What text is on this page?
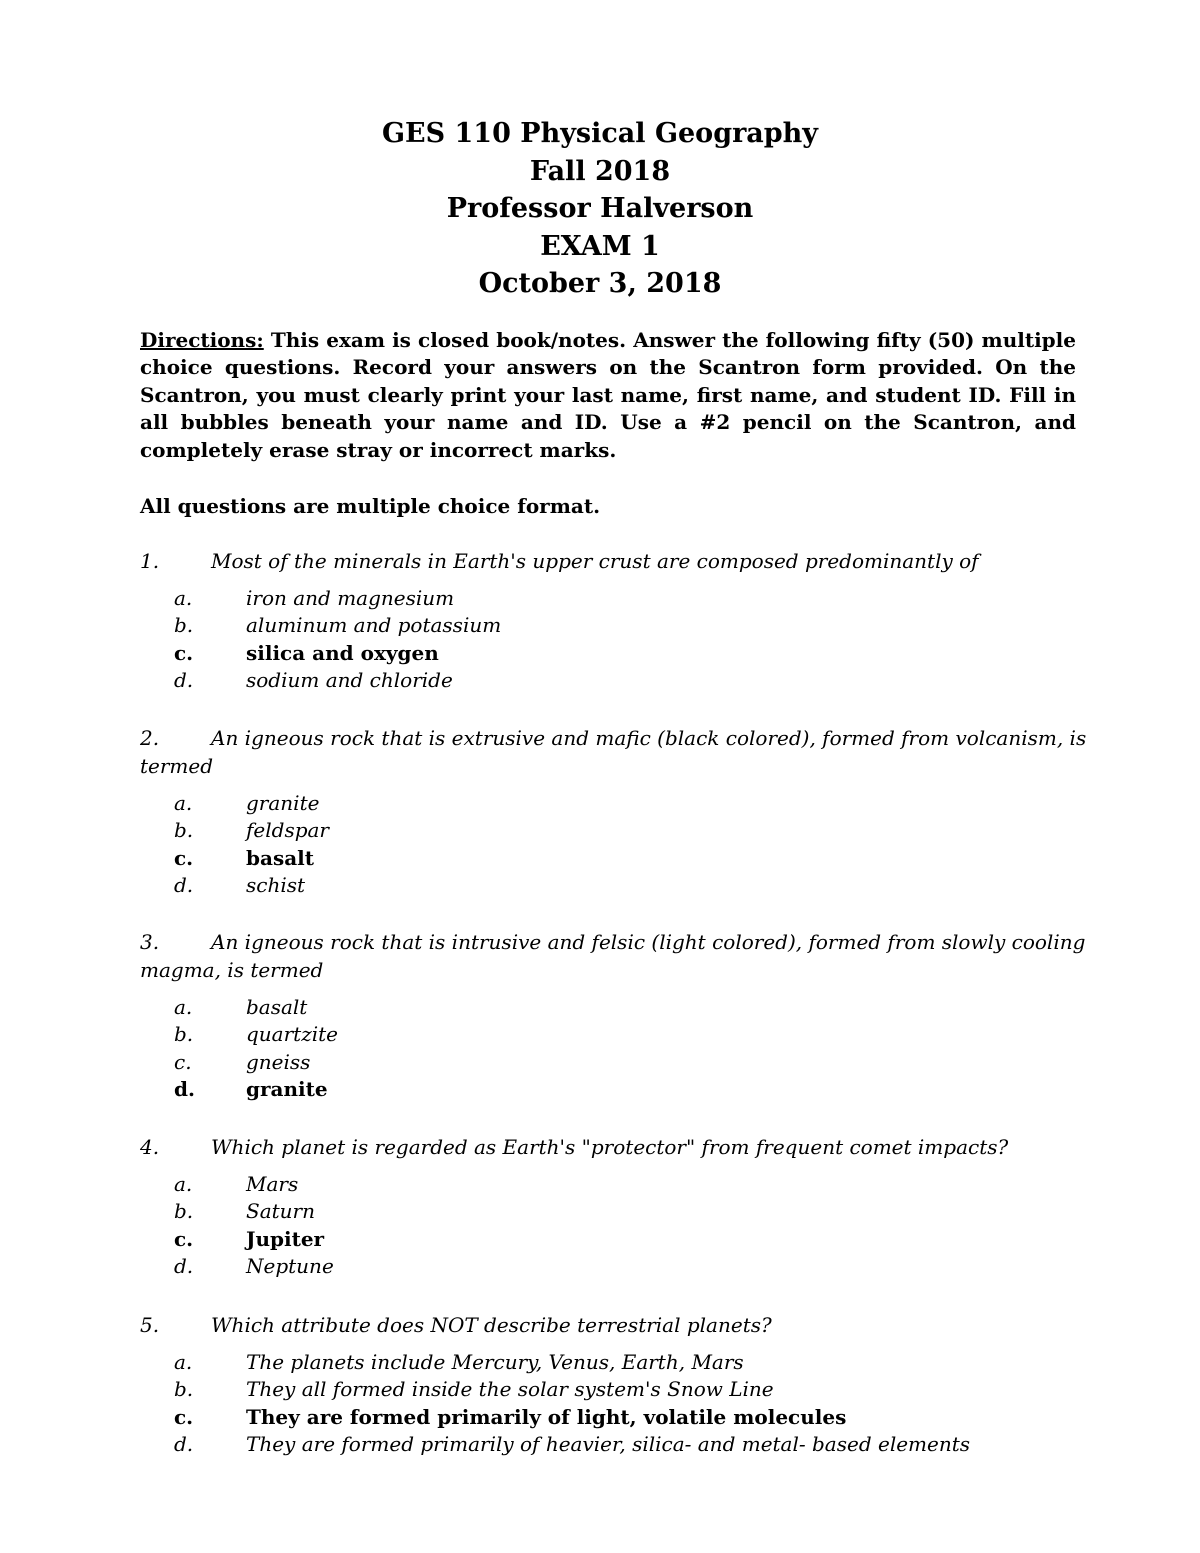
GES 110 Physical Geography
Fall 2018
Professor Halverson
EXAM 1
October 3, 2018
Directions: This exam is closed book/notes. Answer the following fifty (50) multiple choice questions. Record your answers on the Scantron form provided. On the Scantron, you must clearly print your last name, first name, and student ID. Fill in all bubbles beneath your name and ID. Use a #2 pencil on the Scantron, and completely erase stray or incorrect marks.
All questions are multiple choice format.
1.	Most of the minerals in Earth's upper crust are composed predominantly of
a.	iron and magnesium
b.	aluminum and potassium
c.	silica and oxygen
d.	sodium and chloride
2.	An igneous rock that is extrusive and mafic (black colored), formed from volcanism, is
termed
a.	granite
b.	feldspar
c.	basalt
d.	schist
3.	An igneous rock that is intrusive and felsic (light colored), formed from slowly cooling
magma, is termed
a.	basalt
b.	quartzite
c.	gneiss
d.	granite
4.	Which planet is regarded as Earth's "protector" from frequent comet impacts?
a.	Mars
b.	Saturn
c.	Jupiter
d.	Neptune
5.	Which attribute does NOT describe terrestrial planets?
a.	The planets include Mercury, Venus, Earth, Mars
b.	They all formed inside the solar system's Snow Line
c.	They are formed primarily of light, volatile molecules
d.	They are formed primarily of heavier, silica- and metal- based elements
